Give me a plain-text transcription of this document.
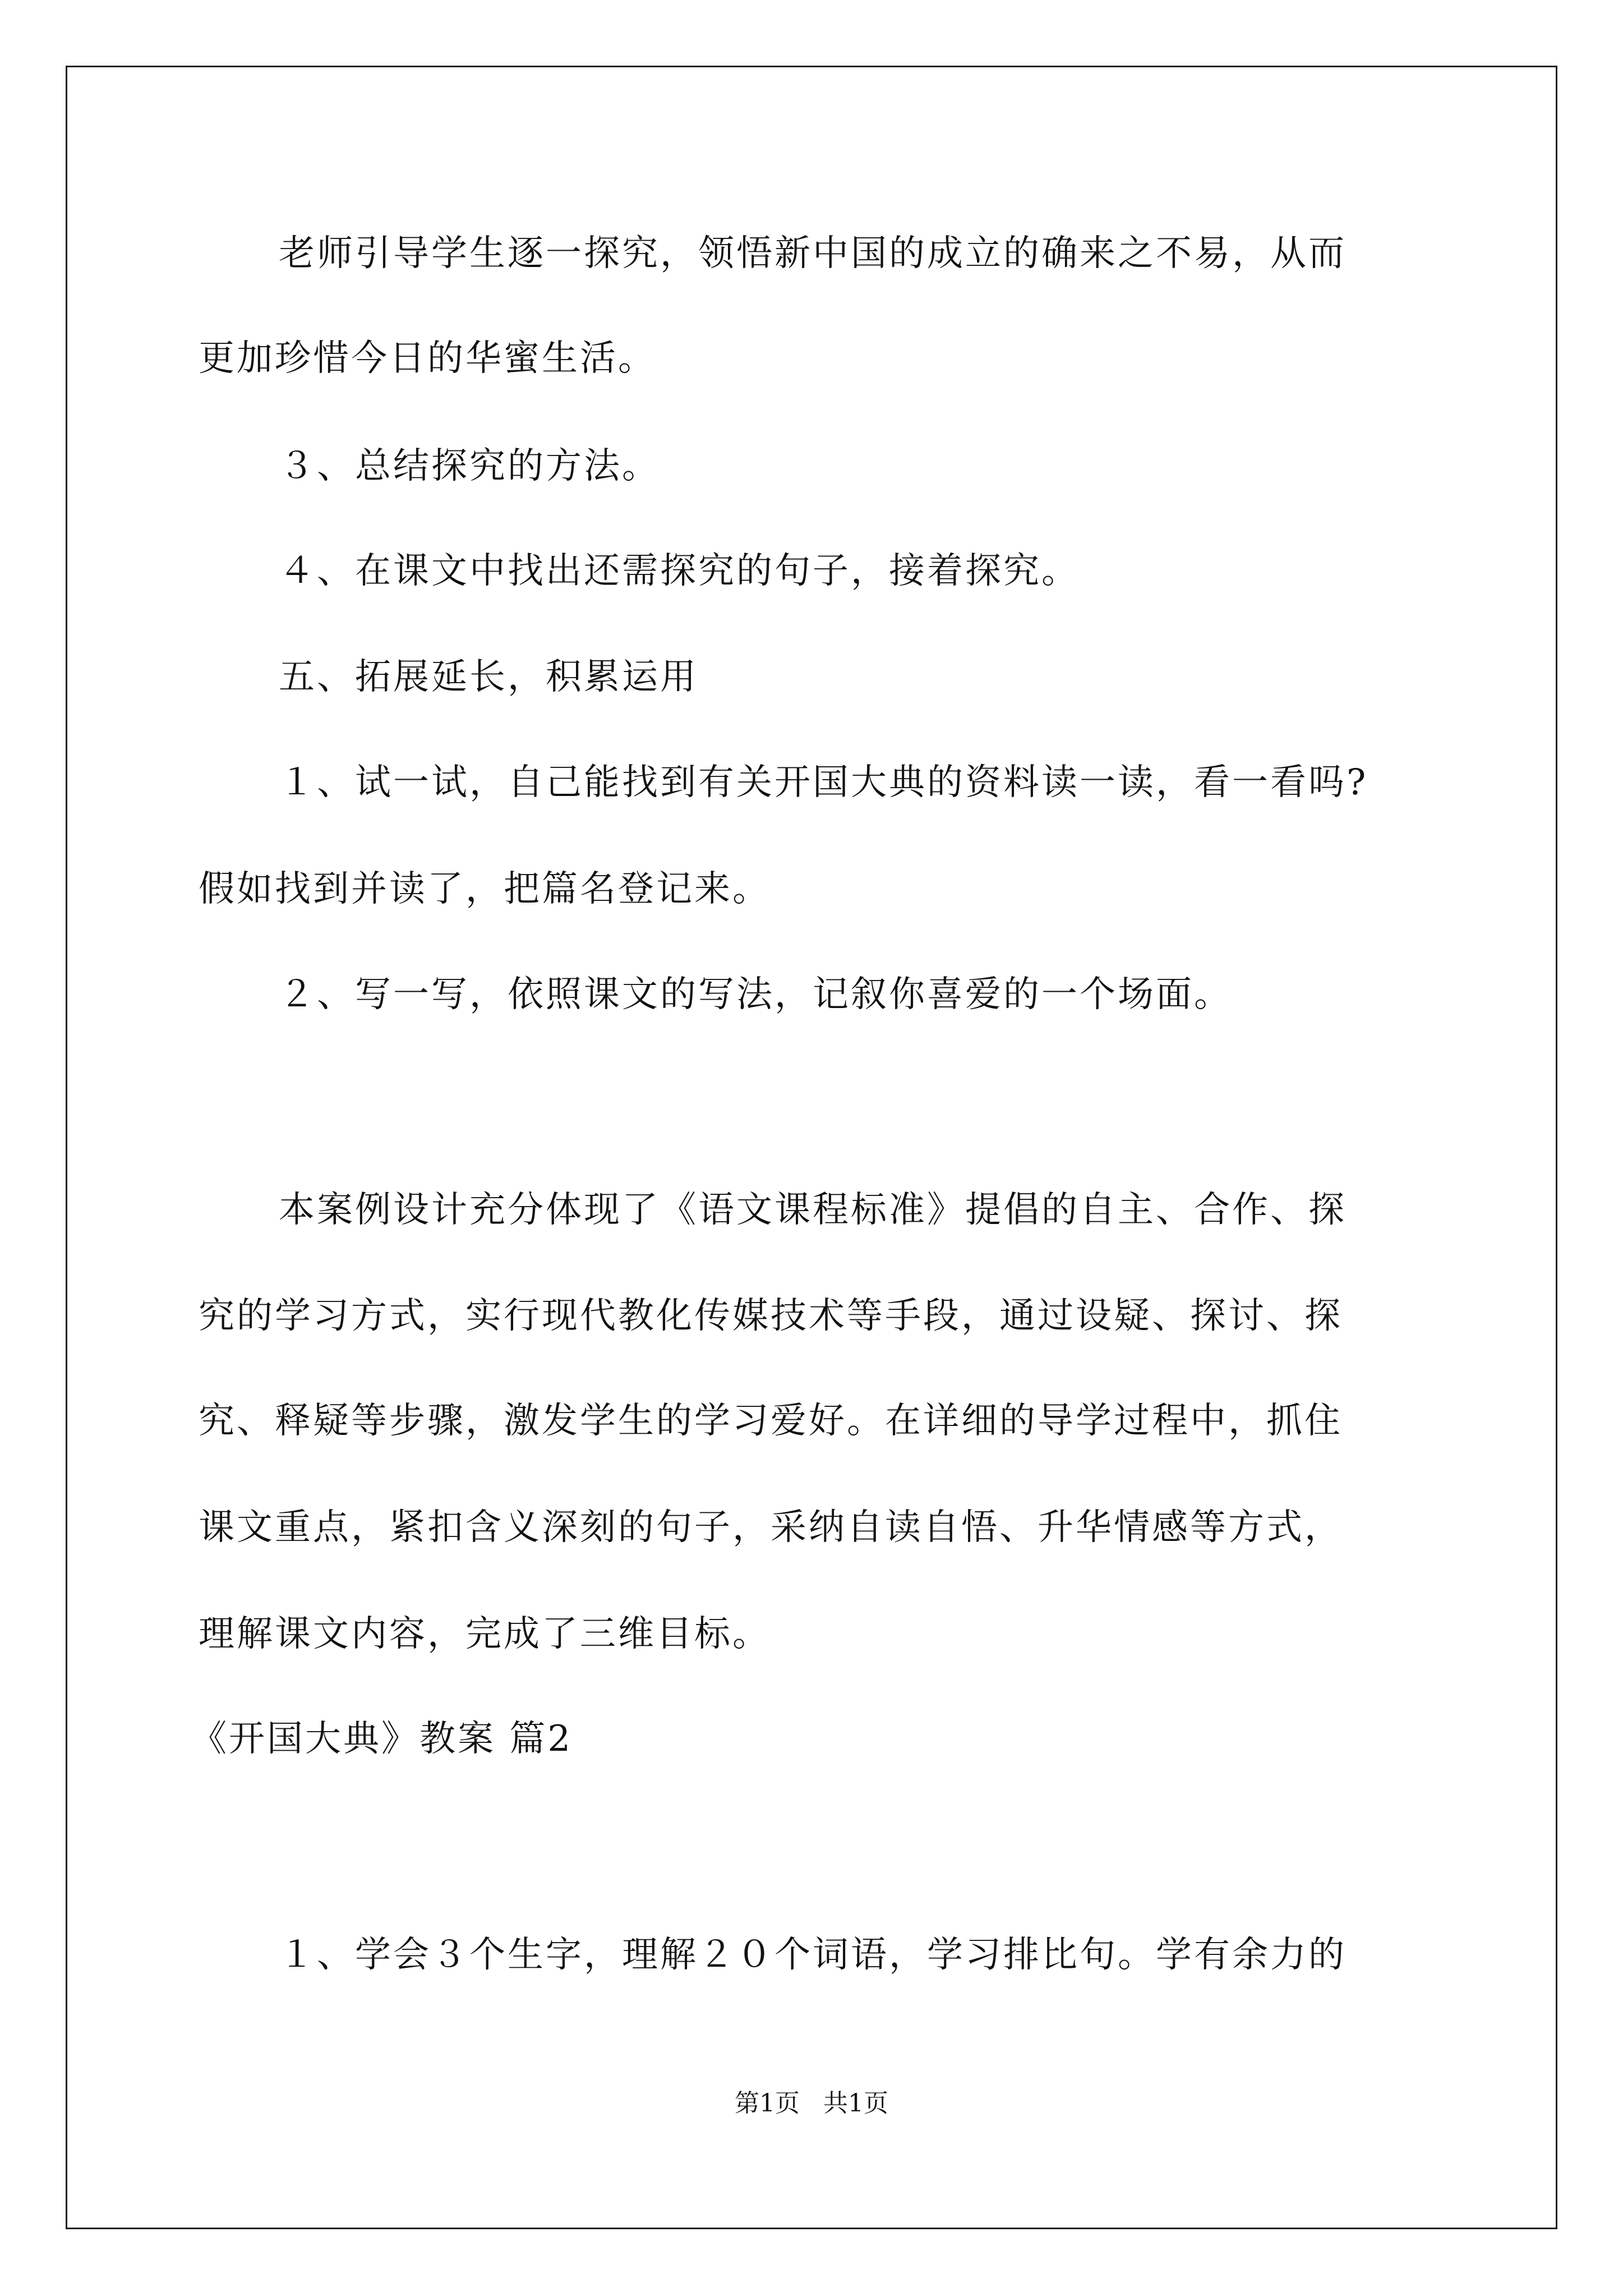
老师引导学生逐一探究，领悟新中国的成立的确来之不易，从而
更加珍惜今日的华蜜生活。
３、总结探究的方法。
４、在课文中找出还需探究的句子，接着探究。
五、拓展延长，积累运用
１、试一试，自己能找到有关开国大典的资料读一读，看一看吗?
假如找到并读了，把篇名登记来。
２、写一写，依照课文的写法，记叙你喜爱的一个场面。
本案例设计充分体现了《语文课程标准》提倡的自主、合作、探
究的学习方式，实行现代教化传媒技术等手段，通过设疑、探讨、探
究、释疑等步骤，激发学生的学习爱好。在详细的导学过程中，抓住
课文重点，紧扣含义深刻的句子，采纳自读自悟、升华情感等方式，
理解课文内容，完成了三维目标。
《开国大典》教案 篇2
１、学会３个生字，理解２０个词语，学习排比句。学有余力的
第1页   共1页
